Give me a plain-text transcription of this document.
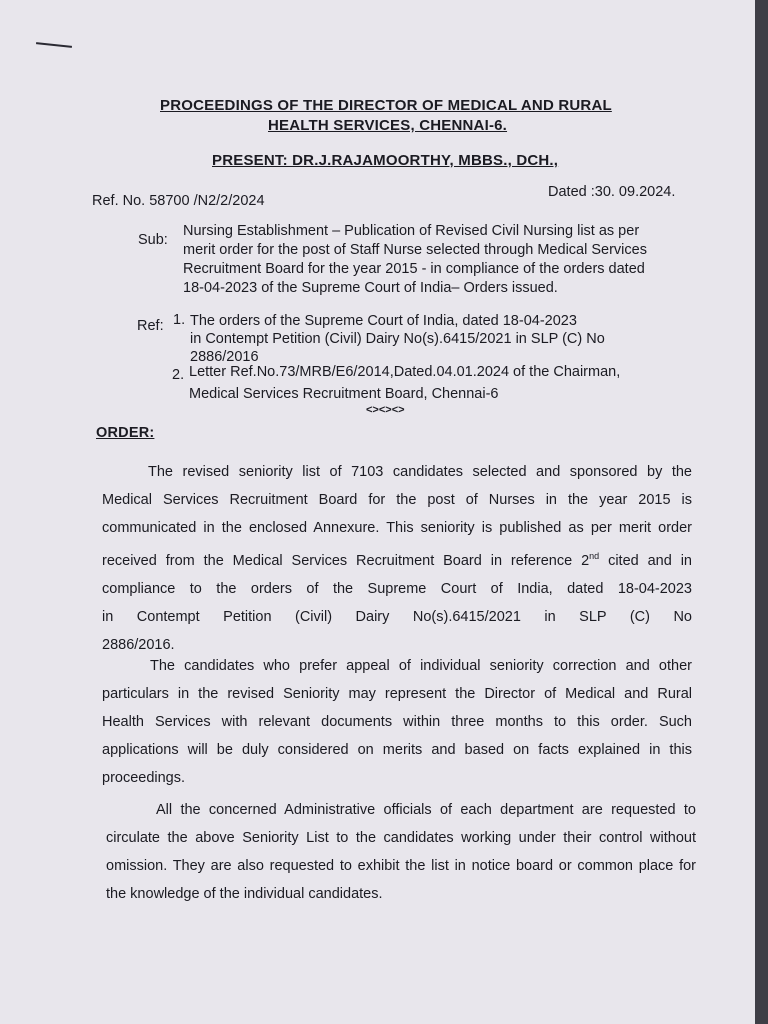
PROCEEDINGS OF THE DIRECTOR OF MEDICAL AND RURAL
HEALTH SERVICES, CHENNAI-6.
PRESENT: DR.J.RAJAMOORTHY, MBBS., DCH.,
Ref. No. 58700 /N2/2/2024
Dated :30. 09.2024.
Sub:
Nursing Establishment – Publication of Revised Civil Nursing list as per
merit order for the post of Staff Nurse selected through Medical Services
Recruitment Board for the year 2015 - in compliance of the orders dated
18-04-2023 of the Supreme Court of India– Orders issued.
Ref: 1. The orders of the Supreme Court of India, dated 18-04-2023
in Contempt Petition (Civil) Dairy No(s).6415/2021 in SLP (C) No
2886/2016
2. Letter Ref.No.73/MRB/E6/2014,Dated.04.01.2024 of the Chairman,
Medical Services Recruitment Board, Chennai-6
<><><>
ORDER:
The revised seniority list of 7103 candidates selected and sponsored by the
Medical Services Recruitment Board for the post of Nurses in the year 2015 is
communicated in the enclosed Annexure. This seniority is published as per merit order
received from the Medical Services Recruitment Board in reference 2nd cited and in
compliance to the orders of the Supreme Court of India, dated 18-04-2023
in Contempt Petition (Civil) Dairy No(s).6415/2021 in SLP (C) No
2886/2016.
The candidates who prefer appeal of individual seniority correction and other
particulars in the revised Seniority may represent the Director of Medical and Rural
Health Services with relevant documents within three months to this order. Such
applications will be duly considered on merits and based on facts explained in this
proceedings.
All the concerned Administrative officials of each department are requested to
circulate the above Seniority List to the candidates working under their control without
omission. They are also requested to exhibit the list in notice board or common place for
the knowledge of the individual candidates.
